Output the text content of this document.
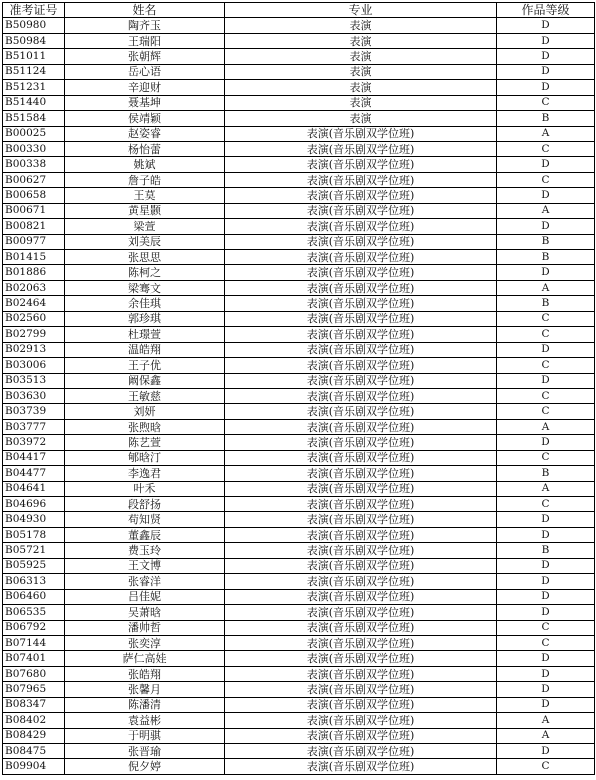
准考证号	姓名	专业	作品等级
B50980	陶齐玉	表演	D
B50984	王瑞阳	表演	D
B51011	张朝辉	表演	D
B51124	岳心语	表演	D
B51231	辛迎财	表演	D
B51440	聂基坤	表演	C
B51584	侯靖颖	表演	B
B00025	赵姿睿	表演(音乐剧双学位班)	A
B00330	杨怡蕾	表演(音乐剧双学位班)	C
B00338	姚斌	表演(音乐剧双学位班)	D
B00627	詹子皓	表演(音乐剧双学位班)	C
B00658	王莫	表演(音乐剧双学位班)	D
B00671	黄星颢	表演(音乐剧双学位班)	A
B00821	梁萱	表演(音乐剧双学位班)	D
B00977	刘美辰	表演(音乐剧双学位班)	B
B01415	张思思	表演(音乐剧双学位班)	B
B01886	陈柯之	表演(音乐剧双学位班)	D
B02063	梁骞文	表演(音乐剧双学位班)	A
B02464	余佳琪	表演(音乐剧双学位班)	B
B02560	郭珍琪	表演(音乐剧双学位班)	C
B02799	杜璟萱	表演(音乐剧双学位班)	C
B02913	温皓翔	表演(音乐剧双学位班)	D
B03006	王子优	表演(音乐剧双学位班)	C
B03513	阚保鑫	表演(音乐剧双学位班)	D
B03630	王敏慈	表演(音乐剧双学位班)	C
B03739	刘妍	表演(音乐剧双学位班)	C
B03777	张煦晗	表演(音乐剧双学位班)	A
B03972	陈艺萱	表演(音乐剧双学位班)	D
B04417	郇晗汀	表演(音乐剧双学位班)	C
B04477	李逸君	表演(音乐剧双学位班)	B
B04641	叶禾	表演(音乐剧双学位班)	A
B04696	段舒扬	表演(音乐剧双学位班)	C
B04930	苟知贤	表演(音乐剧双学位班)	D
B05178	董鑫辰	表演(音乐剧双学位班)	D
B05721	费玉玲	表演(音乐剧双学位班)	B
B05925	王文博	表演(音乐剧双学位班)	D
B06313	张睿洋	表演(音乐剧双学位班)	D
B06460	吕佳妮	表演(音乐剧双学位班)	D
B06535	吴萧晗	表演(音乐剧双学位班)	D
B06792	潘帅哲	表演(音乐剧双学位班)	C
B07144	张奕淳	表演(音乐剧双学位班)	C
B07401	萨仁高娃	表演(音乐剧双学位班)	D
B07680	张皓翔	表演(音乐剧双学位班)	D
B07965	张馨月	表演(音乐剧双学位班)	D
B08347	陈潘清	表演(音乐剧双学位班)	D
B08402	袁益彬	表演(音乐剧双学位班)	A
B08429	于明骐	表演(音乐剧双学位班)	A
B08475	张晋瑜	表演(音乐剧双学位班)	D
B09904	倪夕婷	表演(音乐剧双学位班)	C
